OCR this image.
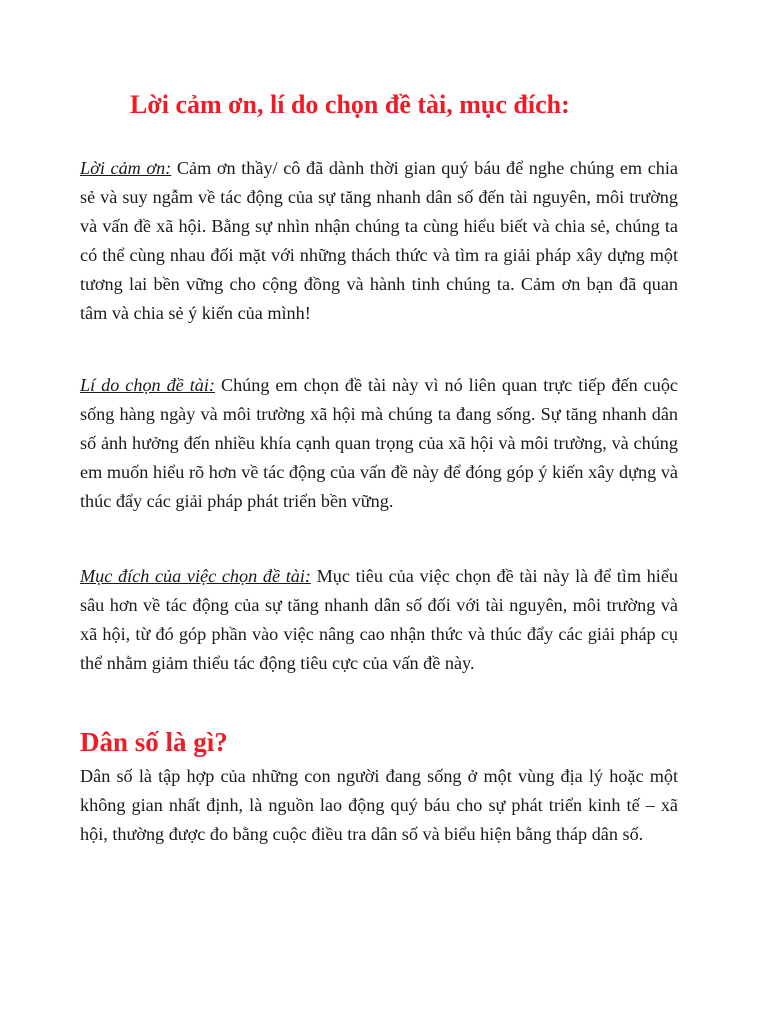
Lời cảm ơn, lí do chọn đề tài, mục đích:

Lời cảm ơn: Cảm ơn thầy/ cô đã dành thời gian quý báu để nghe chúng em chia sẻ và suy ngẫm về tác động của sự tăng nhanh dân số đến tài nguyên, môi trường và vấn đề xã hội. Bằng sự nhìn nhận chúng ta cùng hiểu biết và chia sẻ, chúng ta có thể cùng nhau đối mặt với những thách thức và tìm ra giải pháp xây dựng một tương lai bền vững cho cộng đồng và hành tinh chúng ta. Cảm ơn bạn đã quan tâm và chia sẻ ý kiến của mình!

Lí do chọn đề tài: Chúng em chọn đề tài này vì nó liên quan trực tiếp đến cuộc sống hàng ngày và môi trường xã hội mà chúng ta đang sống. Sự tăng nhanh dân số ảnh hưởng đến nhiều khía cạnh quan trọng của xã hội và môi trường, và chúng em muốn hiểu rõ hơn về tác động của vấn đề này để đóng góp ý kiến xây dựng và thúc đẩy các giải pháp phát triển bền vững.

Mục đích của việc chọn đề tài: Mục tiêu của việc chọn đề tài này là để tìm hiểu sâu hơn về tác động của sự tăng nhanh dân số đối với tài nguyên, môi trường và xã hội, từ đó góp phần vào việc nâng cao nhận thức và thúc đẩy các giải pháp cụ thể nhằm giảm thiểu tác động tiêu cực của vấn đề này.

Dân số là gì?

Dân số là tập hợp của những con người đang sống ở một vùng địa lý hoặc một không gian nhất định, là nguồn lao động quý báu cho sự phát triển kinh tế – xã hội, thường được đo bằng cuộc điều tra dân số và biểu hiện bằng tháp dân số.
